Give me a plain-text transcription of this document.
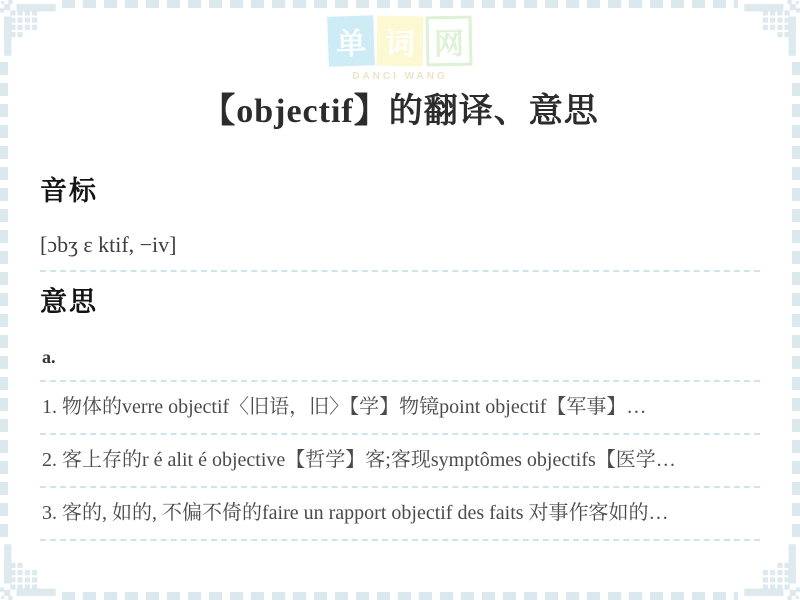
单 词 网
DANCI WANG
【objectif】的翻译、意思
音标

[ɔbʒ ε ktif, −iv]

意思

a.

1. 物体的verre objectif〈旧语，旧〉【学】物镜point objectif【军事】…
2. 客上存的r é alit é objective【哲学】客;客现symptômes objectifs【医学…
3. 客的, 如的, 不偏不倚的faire un rapport objectif des faits 对事作客如的…
